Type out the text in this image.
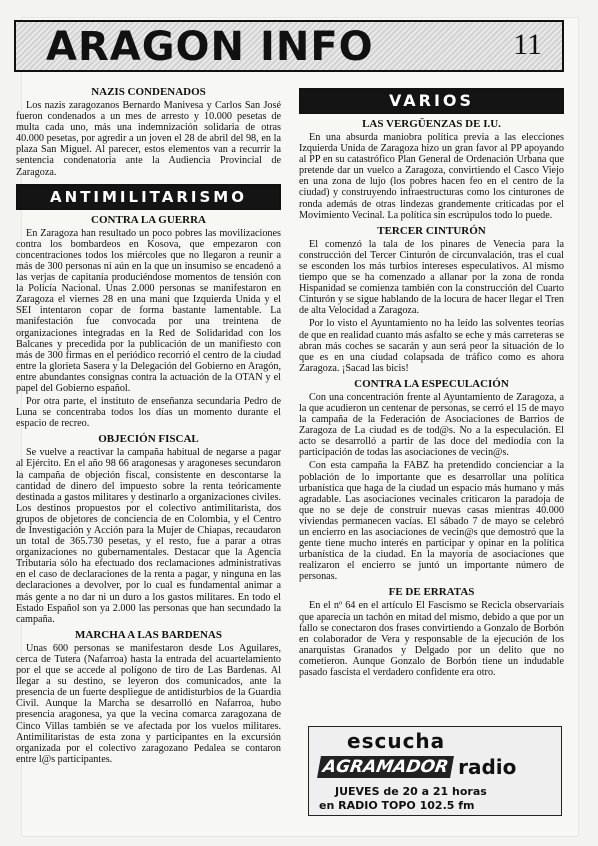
ARAGON INFO	11
NAZIS CONDENADOS

Los nazis zaragozanos Bernardo Manivesa y Carlos San José fueron condenados a un mes de arresto y 10.000 pesetas de multa cada uno, más una indemnización solidaria de otras 40.000 pesetas, por agredir a un joven el 28 de abril del 98, en la plaza San Miguel. Al parecer, estos elementos van a recurrir la sentencia condenatoria ante la Audiencia Provincial de Zaragoza.

ANTIMILITARISMO
CONTRA LA GUERRA

En Zaragoza han resultado un poco pobres las movilizaciones contra los bombardeos en Kosova, que empezaron con concentraciones todos los miércoles que no llegaron a reunir a más de 300 personas ni aún en la que un insumiso se encadenó a las verjas de capitanía produciéndose momentos de tensión con la Policía Nacional. Unas 2.000 personas se manifestaron en Zaragoza el viernes 28 en una mani que Izquierda Unida y el SEI intentaron copar de forma bastante lamentable. La manifestación fue convocada por una treintena de organizaciones integradas en la Red de Solidaridad con los Balcanes y precedida por la publicación de un manifiesto con más de 300 firmas en el periódico recorrió el centro de la ciudad entre la glorieta Sasera y la Delegación del Gobierno en Aragón, entre abundantes consignas contra la actuación de la OTAN y el papel del Gobierno español.

Por otra parte, el instituto de enseñanza secundaria Pedro de Luna se concentraba todos los días un momento durante el espacio de recreo.

OBJECIÓN FISCAL

Se vuelve a reactivar la campaña habitual de negarse a pagar al Ejército. En el año 98 66 aragonesas y aragoneses secundaron la campaña de objeción fiscal, consistente en descontarse la cantidad de dinero del impuesto sobre la renta teóricamente destinada a gastos militares y destinarlo a organizaciones civiles. Los destinos propuestos por el colectivo antimilitarista, dos grupos de objetores de conciencia de en Colombia, y el Centro de Investigación y Acción para la Mujer de Chiapas, recaudaron un total de 365.730 pesetas, y el resto, fue a parar a otras organizaciones no gubernamentales. Destacar que la Agencia Tributaria sólo ha efectuado dos reclamaciones administrativas en el caso de declaraciones de la renta a pagar, y ninguna en las declaraciones a devolver, por lo cual es fundamental animar a más gente a no dar ni un duro a los gastos militares. En todo el Estado Español son ya 2.000 las personas que han secundado la campaña.

MARCHA A LAS BARDENAS

Unas 600 personas se manifestaron desde Los Aguilares, cerca de Tutera (Nafarroa) hasta la entrada del acuartelamiento por el que se accede al polígono de tiro de Las Bardenas. Al llegar a su destino, se leyeron dos comunicados, ante la presencia de un fuerte despliegue de antidisturbios de la Guardia Civil. Aunque la Marcha se desarrolló en Nafarroa, hubo presencia aragonesa, ya que la vecina comarca zaragozana de Cinco Villas también se ve afectada por los vuelos militares. Antimilitaristas de esta zona y participantes en la excursión organizada por el colectivo zaragozano Pedalea se contaron entre l@s participantes.

VARIOS
LAS VERGÜENZAS DE I.U.

En una absurda maniobra política previa a las elecciones Izquierda Unida de Zaragoza hizo un gran favor al PP apoyando al PP en su catastrófico Plan General de Ordenación Urbana que pretende dar un vuelco a Zaragoza, convirtiendo el Casco Viejo en una zona de lujo (los pobres hacen feo en el centro de la ciudad) y construyendo infraestructuras como los cinturones de ronda además de otras lindezas grandemente criticadas por el Movimiento Vecinal. La política sin escrúpulos todo lo puede.

TERCER CINTURÓN

El comenzó la tala de los pinares de Venecia para la construcción del Tercer Cinturón de circunvalación, tras el cual se esconden los más turbios intereses especulativos. Al mismo tiempo que se ha comenzado a allanar por la zona de ronda Hispanidad se comienza también con la construcción del Cuarto Cinturón y se sigue hablando de la locura de hacer llegar el Tren de alta Velocidad a Zaragoza.

Por lo visto el Ayuntamiento no ha leído las solventes teorías de que en realidad cuanto más asfalto se eche y más carreteras se abran más coches se sacarán y aun será peor la situación de lo que es en una ciudad colapsada de tráfico como es ahora Zaragoza. ¡Sacad las bicis!

CONTRA LA ESPECULACIÓN

Con una concentración frente al Ayuntamiento de Zaragoza, a la que acudieron un centenar de personas, se cerró el 15 de mayo la campaña de la Federación de Asociaciones de Barrios de Zaragoza de La ciudad es de tod@s. No a la especulación. El acto se desarrolló a partir de las doce del mediodía con la participación de todas las asociaciones de vecin@s.

Con esta campaña la FABZ ha pretendido concienciar a la población de lo importante que es desarrollar una política urbanística que haga de la ciudad un espacio más humano y más agradable. Las asociaciones vecinales criticaron la paradoja de que no se deje de construir nuevas casas mientras 40.000 viviendas permanecen vacías. El sábado 7 de mayo se celebró un encierro en las asociaciones de vecin@s que demostró que la gente tiene mucho interés en participar y opinar en la política urbanística de la ciudad. En la mayoría de asociaciones que realizaron el encierro se juntó un importante número de personas.

FE DE ERRATAS

En el nº 64 en el artículo El Fascismo se Recicla observaríais que aparecía un tachón en mitad del mismo, debido a que por un fallo se conectaron dos frases convirtiendo a Gonzalo de Borbón en colaborador de Vera y responsable de la ejecución de los anarquistas Granados y Delgado por un delito que no cometieron. Aunque Gonzalo de Borbón tiene un indudable pasado fascista el verdadero confidente era otro.

escucha
AGRAMADOR radio
JUEVES de 20 a 21 horas
en RADIO TOPO 102.5 fm
